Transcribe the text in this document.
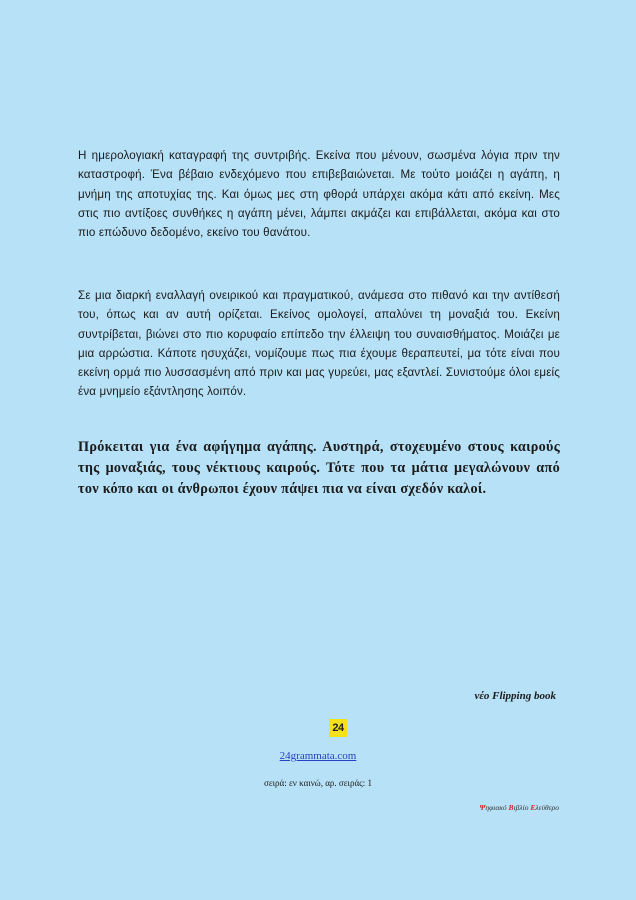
Η ημερολογιακή καταγραφή της συντριβής. Εκείνα που μένουν, σωσμένα λόγια πριν την καταστροφή. Ένα βέβαιο ενδεχόμενο που επιβεβαιώνεται. Με τούτο μοιάζει η αγάπη, η μνήμη της αποτυχίας της. Και όμως μες στη φθορά υπάρχει ακόμα κάτι από εκείνη. Μες στις πιο αντίξοες συνθήκες η αγάπη μένει, λάμπει ακμάζει και επιβάλλεται, ακόμα και στο πιο επώδυνο δεδομένο, εκείνο του θανάτου.

Σε μια διαρκή εναλλαγή ονειρικού και πραγματικού, ανάμεσα στο πιθανό και την αντίθεσή του, όπως και αν αυτή ορίζεται. Εκείνος ομολογεί, απαλύνει τη μοναξιά του. Εκείνη συντρίβεται, βιώνει στο πιο κορυφαίο επίπεδο την έλλειψη του συναισθήματος. Μοιάζει με μια αρρώστια. Κάποτε ησυχάζει, νομίζουμε πως πια έχουμε θεραπευτεί, μα τότε είναι που εκείνη ορμά πιο λυσσασμένη από πριν και μας γυρεύει, μας εξαντλεί. Συνιστούμε όλοι εμείς ένα μνημείο εξάντλησης λοιπόν.

Πρόκειται για ένα αφήγημα αγάπης. Αυστηρά, στοχευμένο στους καιρούς της μοναξιάς, τους νέκτιους καιρούς. Τότε που τα μάτια μεγαλώνουν από τον κόπο και οι άνθρωποι έχουν πάψει πια να είναι σχεδόν καλοί.

νέο Flipping book
24
24grammata.com
σειρά: εν καινώ, αρ. σειράς: 1
Ψηφιακό Βιβλίο Ελεύθερο
